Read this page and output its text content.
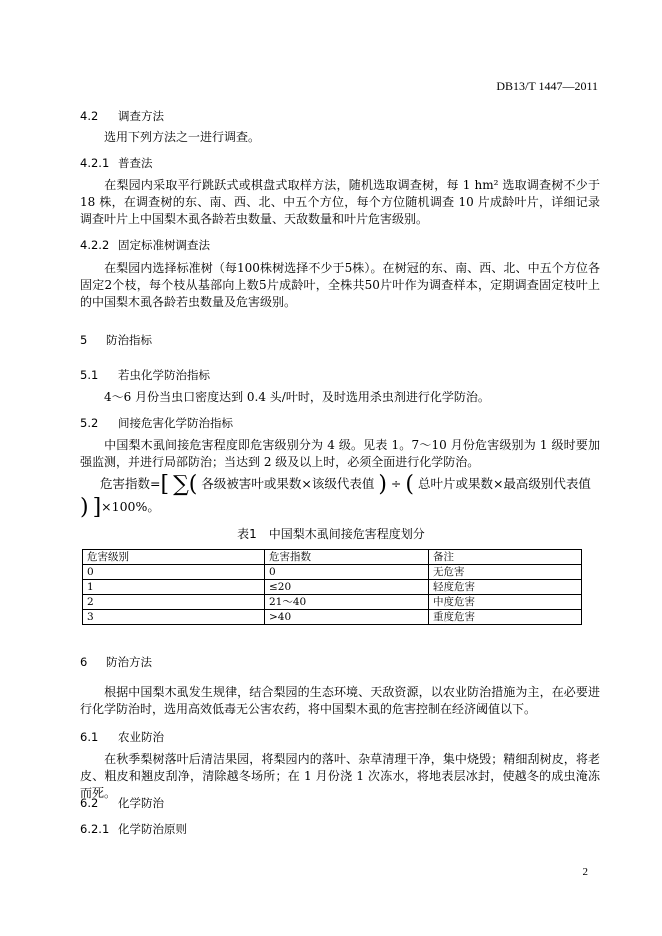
DB13/T 1447—2011
4.2 调查方法
选用下列方法之一进行调查。
4.2.1 普查法
在梨园内采取平行跳跃式或棋盘式取样方法，随机选取调查树，每 1 hm² 选取调查树不少于 18 株，在调查树的东、南、西、北、中五个方位，每个方位随机调查 10 片成龄叶片，详细记录调查叶片上中国梨木虱各龄若虫数量、天敌数量和叶片危害级别。
4.2.2 固定标准树调查法
在梨园内选择标准树（每100株树选择不少于5株）。在树冠的东、南、西、北、中五个方位各固定2个枝，每个枝从基部向上数5片成龄叶，全株共50片叶作为调查样本，定期调查固定枝叶上的中国梨木虱各龄若虫数量及危害级别。
5 防治指标
5.1 若虫化学防治指标
4～6 月份当虫口密度达到 0.4 头/叶时，及时选用杀虫剂进行化学防治。
5.2 间接危害化学防治指标
中国梨木虱间接危害程度即危害级别分为 4 级。见表 1。7～10 月份危害级别为 1 级时要加强监测，并进行局部防治；当达到 2 级及以上时，必须全面进行化学防治。
危害指数=[ ∑( 各级被害叶或果数×该级代表值 ) ÷ ( 总叶片或果数×最高级别代表值
) ]×100%。
表1　中国梨木虱间接危害程度划分
危害级别	危害指数	备注
0	0	无危害
1	≤20	轻度危害
2	21～40	中度危害
3	>40	重度危害
6 防治方法
根据中国梨木虱发生规律，结合梨园的生态环境、天敌资源，以农业防治措施为主，在必要进行化学防治时，选用高效低毒无公害农药，将中国梨木虱的危害控制在经济阈值以下。
6.1 农业防治
在秋季梨树落叶后清洁果园，将梨园内的落叶、杂草清理干净，集中烧毁；精细刮树皮，将老皮、粗皮和翘皮刮净，清除越冬场所；在 1 月份浇 1 次冻水，将地表层冰封，使越冬的成虫淹冻而死。
6.2 化学防治
6.2.1 化学防治原则
2
